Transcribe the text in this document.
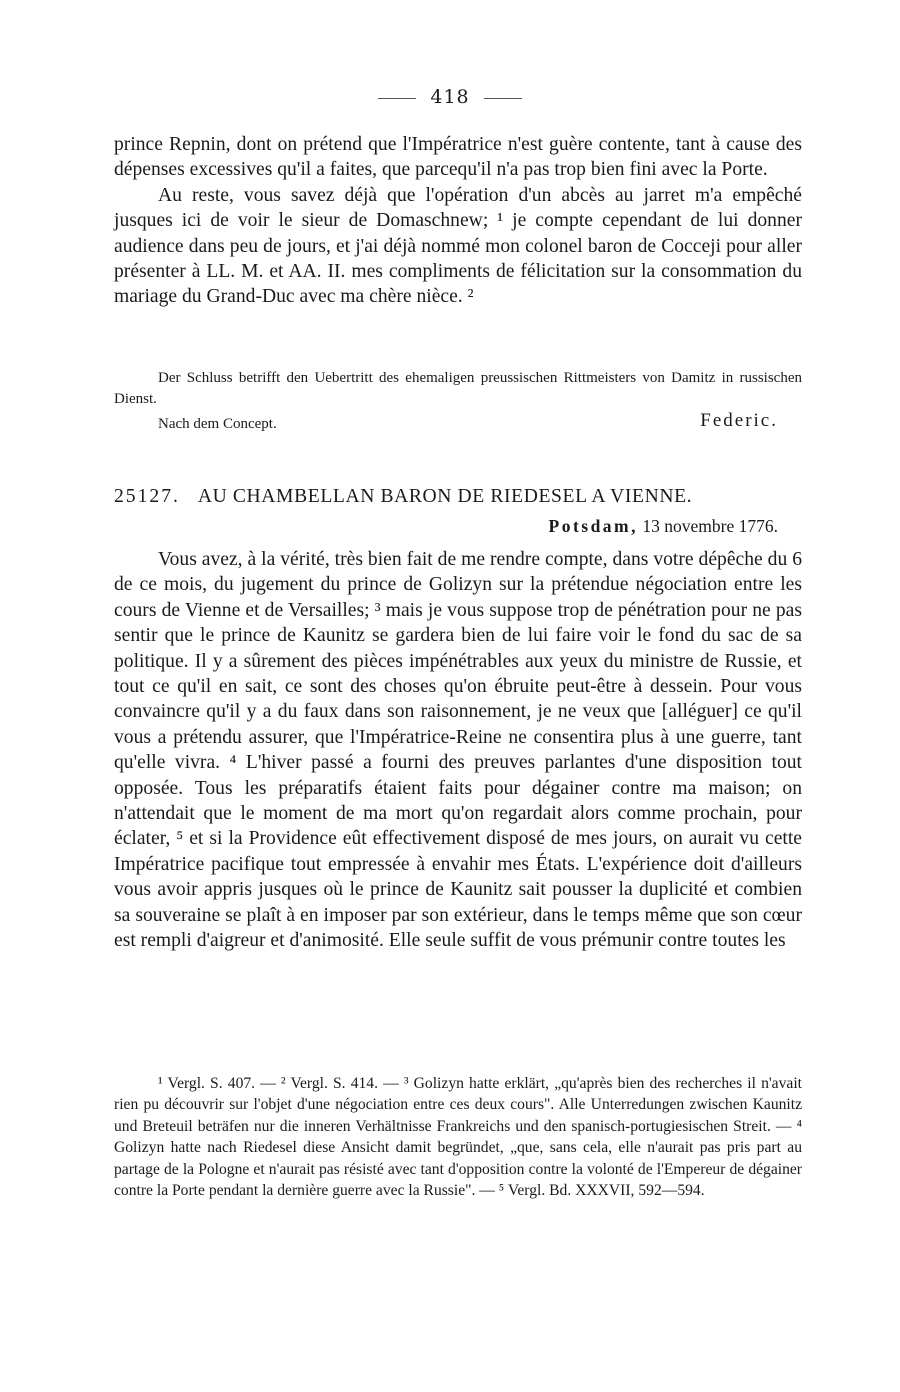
418

prince Repnin, dont on prétend que l'Impératrice n'est guère contente, tant à cause des dépenses excessives qu'il a faites, que parcequ'il n'a pas trop bien fini avec la Porte.

Au reste, vous savez déjà que l'opération d'un abcès au jarret m'a empêché jusques ici de voir le sieur de Domaschnew; ¹ je compte cependant de lui donner audience dans peu de jours, et j'ai déjà nommé mon colonel baron de Cocceji pour aller présenter à LL. M. et AA. II. mes compliments de félicitation sur la consommation du mariage du Grand-Duc avec ma chère nièce. ²

Der Schluss betrifft den Uebertritt des ehemaligen preussischen Rittmeisters von Damitz in russischen Dienst.
Nach dem Concept.	Federic.
25127. AU CHAMBELLAN BARON DE RIEDESEL A VIENNE.
Potsdam, 13 novembre 1776.
Vous avez, à la vérité, très bien fait de me rendre compte, dans votre dépêche du 6 de ce mois, du jugement du prince de Golizyn sur la prétendue négociation entre les cours de Vienne et de Versailles; ³ mais je vous suppose trop de pénétration pour ne pas sentir que le prince de Kaunitz se gardera bien de lui faire voir le fond du sac de sa politique. Il y a sûrement des pièces impénétrables aux yeux du ministre de Russie, et tout ce qu'il en sait, ce sont des choses qu'on ébruite peut-être à dessein. Pour vous convaincre qu'il y a du faux dans son raisonnement, je ne veux que [alléguer] ce qu'il vous a prétendu assurer, que l'Impératrice-Reine ne consentira plus à une guerre, tant qu'elle vivra. ⁴ L'hiver passé a fourni des preuves parlantes d'une disposition tout opposée. Tous les préparatifs étaient faits pour dégainer contre ma maison; on n'attendait que le moment de ma mort qu'on regardait alors comme prochain, pour éclater, ⁵ et si la Providence eût effectivement disposé de mes jours, on aurait vu cette Impératrice pacifique tout empressée à envahir mes États. L'expérience doit d'ailleurs vous avoir appris jusques où le prince de Kaunitz sait pousser la duplicité et combien sa souveraine se plaît à en imposer par son extérieur, dans le temps même que son cœur est rempli d'aigreur et d'animosité. Elle seule suffit de vous prémunir contre toutes les

¹ Vergl. S. 407. — ² Vergl. S. 414. — ³ Golizyn hatte erklärt, „qu'après bien des recherches il n'avait rien pu découvrir sur l'objet d'une négociation entre ces deux cours". Alle Unterredungen zwischen Kaunitz und Breteuil beträfen nur die inneren Verhältnisse Frankreichs und den spanisch-portugiesischen Streit. — ⁴ Golizyn hatte nach Riedesel diese Ansicht damit begründet, „que, sans cela, elle n'aurait pas pris part au partage de la Pologne et n'aurait pas résisté avec tant d'opposition contre la volonté de l'Empereur de dégainer contre la Porte pendant la dernière guerre avec la Russie". — ⁵ Vergl. Bd. XXXVII, 592—594.
